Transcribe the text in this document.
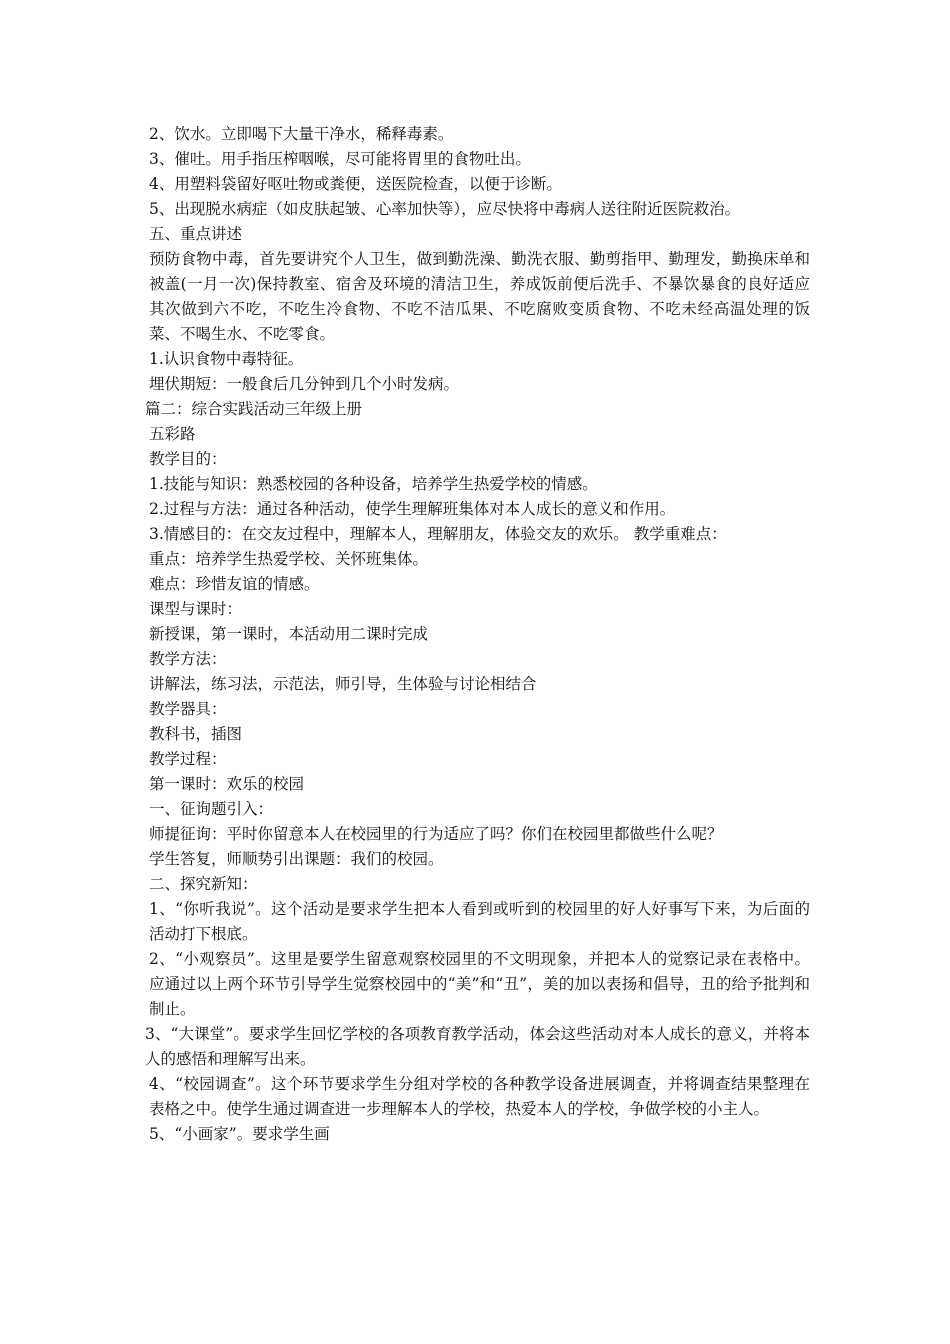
2、饮水。立即喝下大量干净水，稀释毒素。

3、催吐。用手指压榨咽喉，尽可能将胃里的食物吐出。

4、用塑料袋留好呕吐物或粪便，送医院检查，以便于诊断。

5、出现脱水病症（如皮肤起皱、心率加快等），应尽快将中毒病人送往附近医院救治。

五、重点讲述

预防食物中毒，首先要讲究个人卫生，做到勤洗澡、勤洗衣服、勤剪指甲、勤理发，勤换床单和被盖(一月一次)保持教室、宿舍及环境的清洁卫生，养成饭前便后洗手、不暴饮暴食的良好适应其次做到六不吃，不吃生冷食物、不吃不洁瓜果、不吃腐败变质食物、不吃未经高温处理的饭菜、不喝生水、不吃零食。

1.认识食物中毒特征。

埋伏期短：一般食后几分钟到几个小时发病。

篇二：综合实践活动三年级上册

五彩路

教学目的：

1.技能与知识：熟悉校园的各种设备，培养学生热爱学校的情感。

2.过程与方法：通过各种活动，使学生理解班集体对本人成长的意义和作用。

3.情感目的：在交友过程中，理解本人，理解朋友，体验交友的欢乐。 教学重难点：

重点：培养学生热爱学校、关怀班集体。

难点：珍惜友谊的情感。

课型与课时：

新授课，第一课时，本活动用二课时完成

教学方法：

讲解法，练习法，示范法，师引导，生体验与讨论相结合

教学器具：

教科书，插图

教学过程：

第一课时：欢乐的校园

一、征询题引入：

师提征询：平时你留意本人在校园里的行为适应了吗？你们在校园里都做些什么呢？

学生答复，师顺势引出课题：我们的校园。

二、探究新知：

1、“你听我说”。这个活动是要求学生把本人看到或听到的校园里的好人好事写下来，为后面的活动打下根底。

2、“小观察员”。这里是要学生留意观察校园里的不文明现象，并把本人的觉察记录在表格中。应通过以上两个环节引导学生觉察校园中的“美”和“丑”，美的加以表扬和倡导，丑的给予批判和制止。

3、“大课堂”。要求学生回忆学校的各项教育教学活动，体会这些活动对本人成长的意义，并将本人的感悟和理解写出来。

4、“校园调查”。这个环节要求学生分组对学校的各种教学设备进展调查，并将调查结果整理在表格之中。使学生通过调查进一步理解本人的学校，热爱本人的学校，争做学校的小主人。

5、“小画家”。要求学生画
